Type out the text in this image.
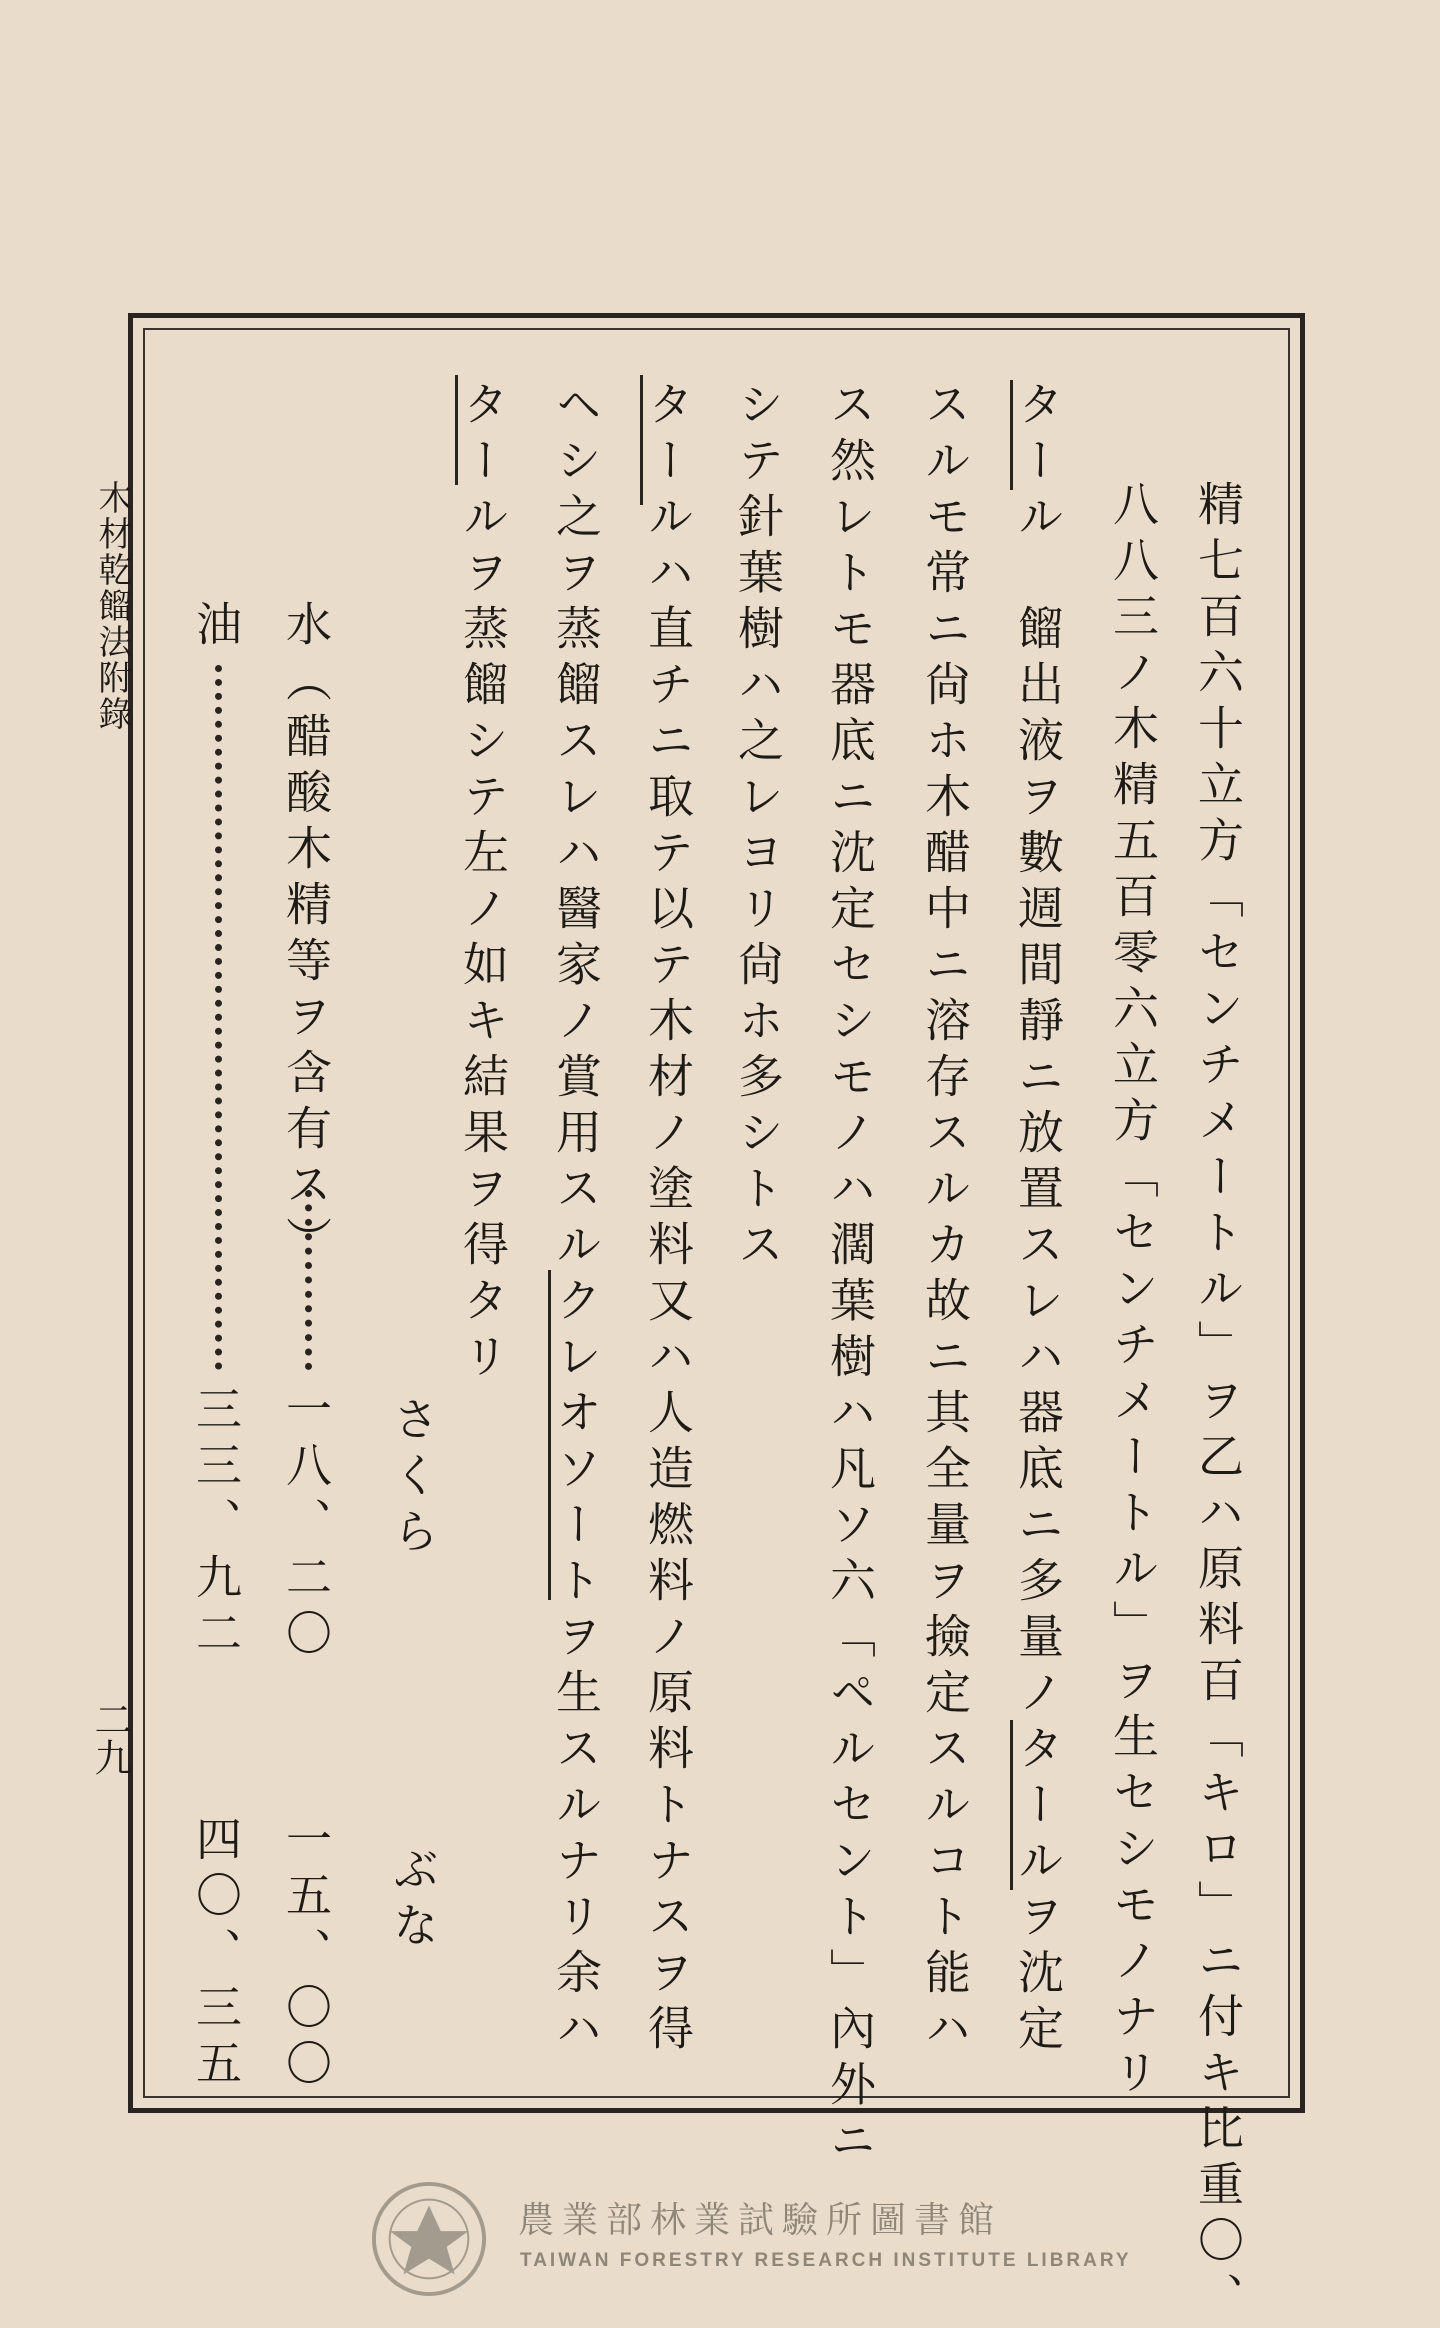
木材乾餾法附錄
二九	精七百六十立方「センチメートル」ヲ乙ハ原料百「キロ」ニ付キ比重〇、
八八三ノ木精五百零六立方「センチメートル」ヲ生セシモノナリ
タール　餾出液ヲ數週間靜ニ放置スレハ器底ニ多量ノタールヲ沈定
スルモ常ニ尙ホ木醋中ニ溶存スルカ故ニ其全量ヲ撿定スルコト能ハ
ス然レトモ器底ニ沈定セシモノハ濶葉樹ハ凡ソ六「ペルセント」內外ニ
シテ針葉樹ハ之レヨリ尙ホ多シトス
タールハ直チニ取テ以テ木材ノ塗料又ハ人造燃料ノ原料トナスヲ得
ヘシ之ヲ蒸餾スレハ醫家ノ賞用スルクレオソートヲ生スルナリ余ハ
タールヲ蒸餾シテ左ノ如キ結果ヲ得タリ
さくら
ぶな
水（醋酸木精等ヲ含有ス）
一八、二〇
一五、〇〇
油
三三、九二
四〇、三五
農業部林業試驗所圖書館
TAIWAN FORESTRY RESEARCH INSTITUTE LIBRARY
